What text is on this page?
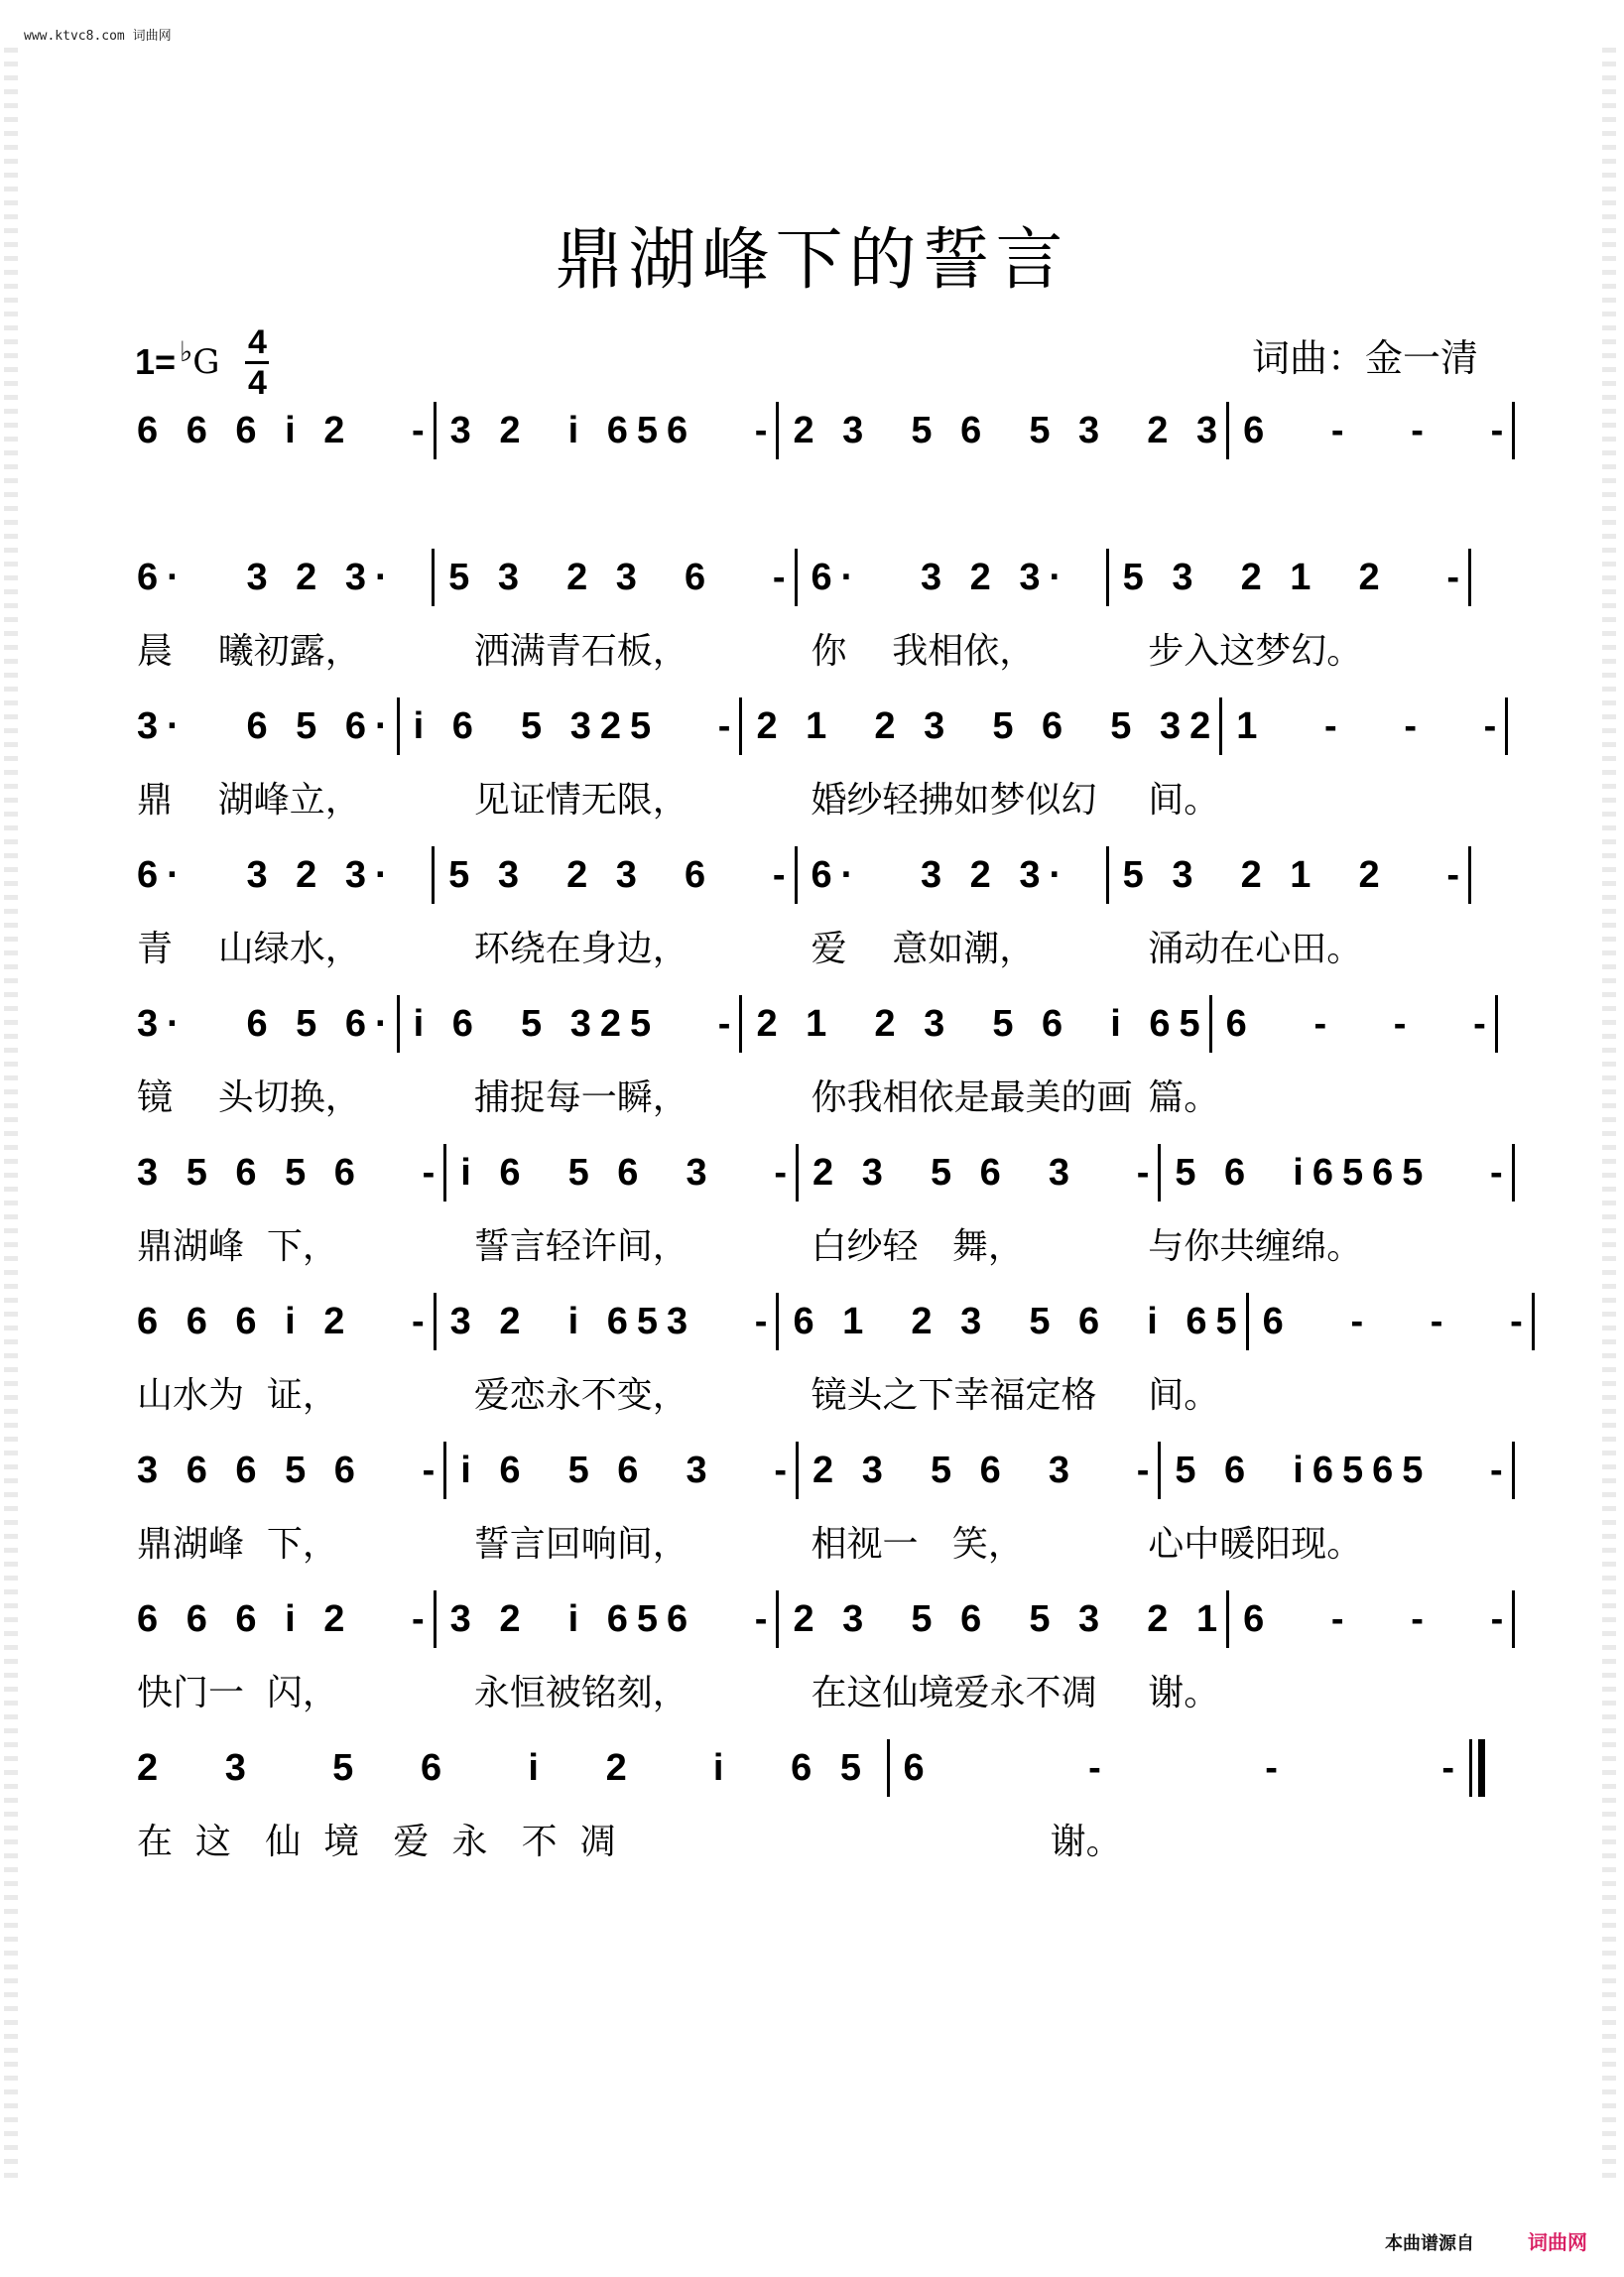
www.ktvc8.com 词曲网
鼎湖峰下的誓言
1= ♭ G
4
4
词曲：金一清
6 6 6 i 2   - 3 2  i 656   - 2 3  5 6  5 3  2 3 6   -   -   -
6·   3 2 3·	5 3  2 3  6   - 6·   3 2 3·	5 3  2 1  2   -
晨    曦初露，	洒满青石板，	你    我相依，	步入这梦幻。
3·   6 5 6· i 6  5 325   - 2 1  2 3  5 6  5 32 1   -   -   -
鼎    湖峰立，	见证情无限，	婚纱轻拂如梦似幻	间。
6·   3 2 3·	5 3  2 3  6   - 6·   3 2 3·	5 3  2 1  2   -
青    山绿水，	环绕在身边，	爱    意如潮，	涌动在心田。
3·   6 5 6· i 6  5 325   - 2 1  2 3  5 6  i 65 6   -   -   -
镜    头切换，	捕捉每一瞬，	你我相依是最美的画 篇。
3 5 6 5 6   - i 6  5 6  3   - 2 3  5 6  3   - 5 6  i6565   -
鼎湖峰  下，	誓言轻许间，	白纱轻   舞，	与你共缠绵。
6 6 6 i 2   - 3 2  i 653   - 6 1  2 3  5 6  i 65 6   -   -   -
山水为  证，	爱恋永不变，	镜头之下幸福定格	间。
3 6 6 5 6   - i 6  5 6  3   - 2 3  5 6  3   - 5 6  i6565   -
鼎湖峰  下，	誓言回响间，	相视一   笑，	心中暖阳现。
6 6 6 i 2   - 3 2  i 656   - 2 3  5 6  5 3  2 1 6   -   -   -
快门一  闪，	永恒被铭刻，	在这仙境爱永不凋	谢。
2   3    5   6    i   2    i   6 5 6        -        -        -
在  这   仙  境   爱  永   不  凋	谢。
本曲谱源自	词曲网
